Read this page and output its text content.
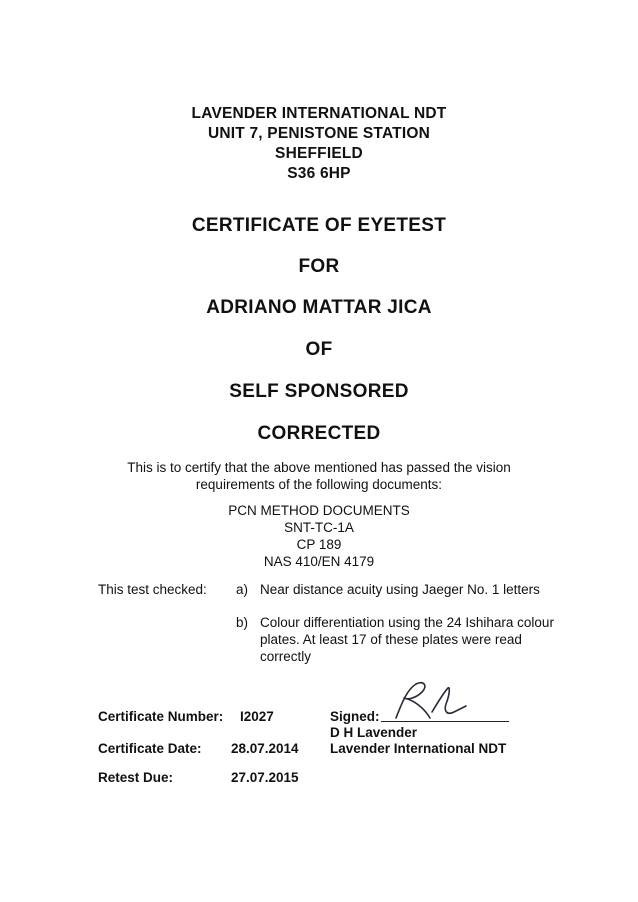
LAVENDER INTERNATIONAL NDT
UNIT 7, PENISTONE STATION
SHEFFIELD
S36 6HP
CERTIFICATE OF EYETEST
FOR
ADRIANO MATTAR JICA
OF
SELF SPONSORED
CORRECTED
This is to certify that the above mentioned has passed the vision
requirements of the following documents:
PCN METHOD DOCUMENTS
SNT-TC-1A
CP 189
NAS 410/EN 4179
This test checked: a) Near distance acuity using Jaeger No. 1 letters
b) Colour differentiation using the 24 Ishihara colour
plates. At least 17 of these plates were read
correctly
Certificate Number: I2027
Certificate Date: 28.07.2014
Retest Due:	27.07.2015
Signed:
D H Lavender
Lavender International NDT
